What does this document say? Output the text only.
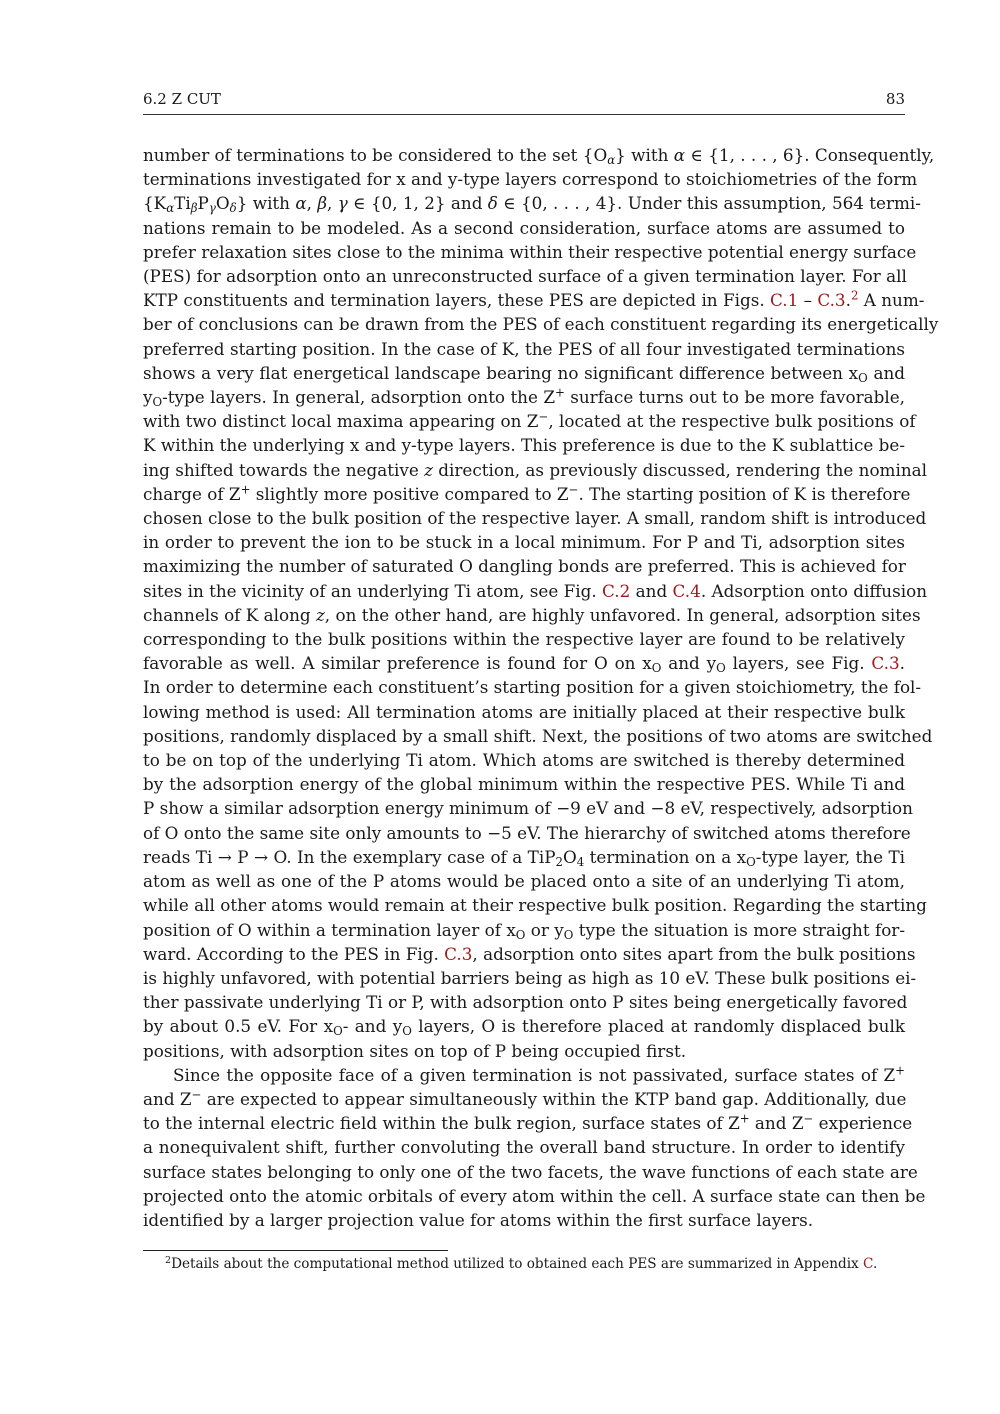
6.2 Z CUT	83

number of terminations to be considered to the set $\{O_\alpha\}$ with α ∈ {1, . . . , 6}. Consequently,
terminations investigated for x and y-type layers correspond to stoichiometries of the form
$\{K_\alpha Ti_\beta P_\gamma O_\delta\}$ with α, β, γ ∈ {0, 1, 2} and δ ∈ {0, . . . , 4}. Under this assumption, 564 termi-
nations remain to be modeled. As a second consideration, surface atoms are assumed to
prefer relaxation sites close to the minima within their respective potential energy surface
(PES) for adsorption onto an unreconstructed surface of a given termination layer. For all
KTP constituents and termination layers, these PES are depicted in Figs. C.1 – C.3.$^2$ A num-
ber of conclusions can be drawn from the PES of each constituent regarding its energetically
preferred starting position. In the case of K, the PES of all four investigated terminations
shows a very flat energetical landscape bearing no significant difference between $x_O$ and
$y_O$-type layers. In general, adsorption onto the Z+ surface turns out to be more favorable,
with two distinct local maxima appearing on Z−, located at the respective bulk positions of
K within the underlying x and y-type layers. This preference is due to the K sublattice be-
ing shifted towards the negative z direction, as previously discussed, rendering the nominal
charge of Z+ slightly more positive compared to Z−. The starting position of K is therefore
chosen close to the bulk position of the respective layer. A small, random shift is introduced
in order to prevent the ion to be stuck in a local minimum. For P and Ti, adsorption sites
maximizing the number of saturated O dangling bonds are preferred. This is achieved for
sites in the vicinity of an underlying Ti atom, see Fig. C.2 and C.4. Adsorption onto diffusion
channels of K along z, on the other hand, are highly unfavored. In general, adsorption sites
corresponding to the bulk positions within the respective layer are found to be relatively
favorable as well. A similar preference is found for O on $x_O$ and $y_O$ layers, see Fig. C.3.
In order to determine each constituent’s starting position for a given stoichiometry, the fol-
lowing method is used: All termination atoms are initially placed at their respective bulk
positions, randomly displaced by a small shift. Next, the positions of two atoms are switched
to be on top of the underlying Ti atom. Which atoms are switched is thereby determined
by the adsorption energy of the global minimum within the respective PES. While Ti and
P show a similar adsorption energy minimum of −9 eV and −8 eV, respectively, adsorption
of O onto the same site only amounts to −5 eV. The hierarchy of switched atoms therefore
reads Ti → P → O. In the exemplary case of a $TiP_2O_4$ termination on a $x_O$-type layer, the Ti
atom as well as one of the P atoms would be placed onto a site of an underlying Ti atom,
while all other atoms would remain at their respective bulk position. Regarding the starting
position of O within a termination layer of $x_O$ or $y_O$ type the situation is more straight for-
ward. According to the PES in Fig. C.3, adsorption onto sites apart from the bulk positions
is highly unfavored, with potential barriers being as high as 10 eV. These bulk positions ei-
ther passivate underlying Ti or P, with adsorption onto P sites being energetically favored
by about 0.5 eV. For $x_O-$ and $y_O$ layers, O is therefore placed at randomly displaced bulk
positions, with adsorption sites on top of P being occupied first.

Since the opposite face of a given termination is not passivated, surface states of Z+
and Z− are expected to appear simultaneously within the KTP band gap. Additionally, due
to the internal electric field within the bulk region, surface states of Z+ and Z− experience
a nonequivalent shift, further convoluting the overall band structure. In order to identify
surface states belonging to only one of the two facets, the wave functions of each state are
projected onto the atomic orbitals of every atom within the cell. A surface state can then be
identified by a larger projection value for atoms within the first surface layers.

$^2$Details about the computational method utilized to obtained each PES are summarized in Appendix C.
